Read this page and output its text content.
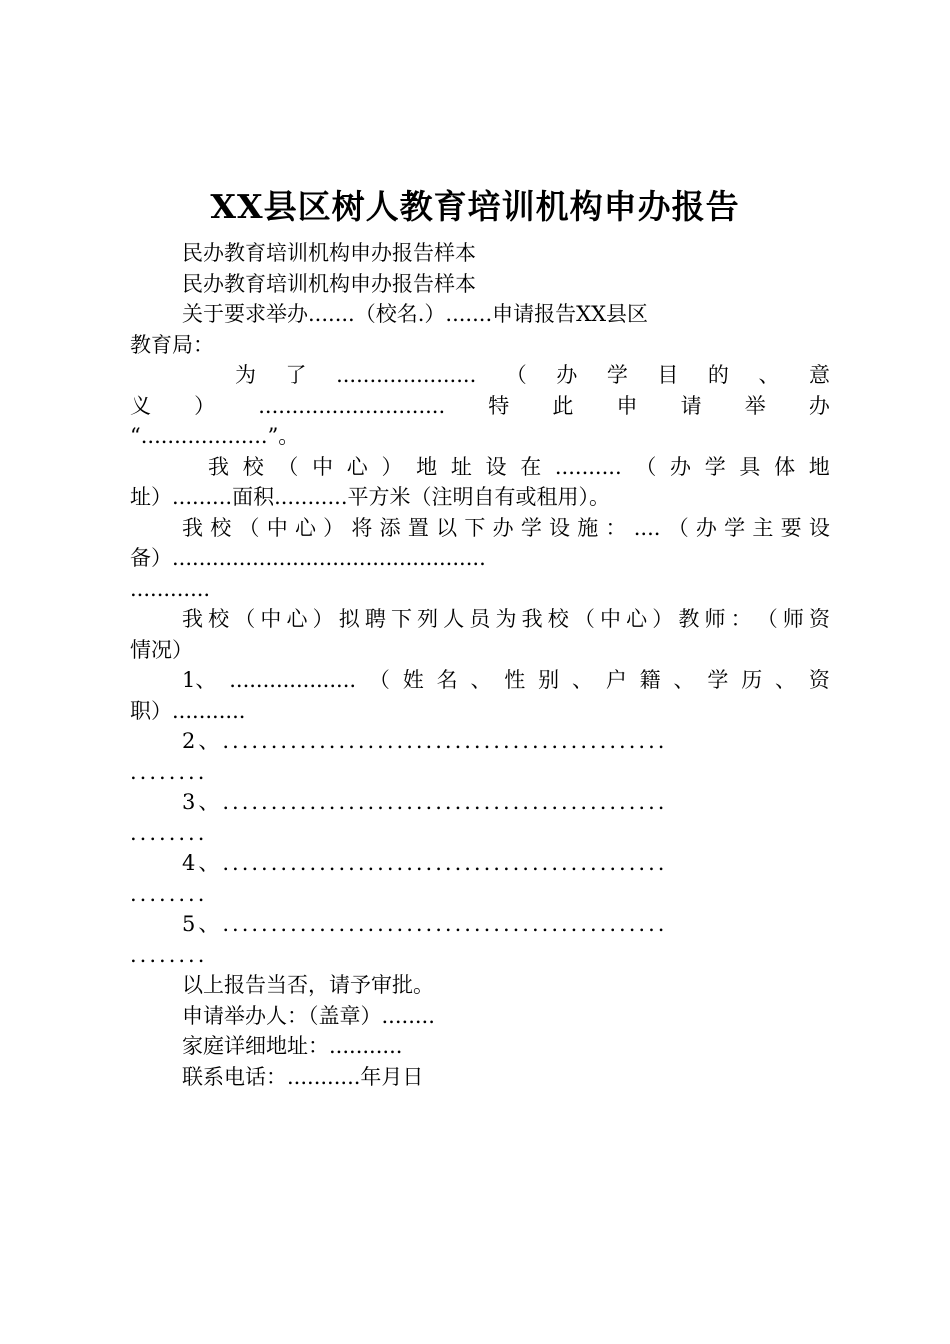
XX县区树人教育培训机构申办报告
民办教育培训机构申办报告样本
民办教育培训机构申办报告样本
关于要求举办.......（校名.）.......申请报告XX县区
教育局：
为 了 ..................... （ 办 学 目 的 、 意
义 ） ............................ 特 此 申 请 举 办
“...................”。
我 校 （ 中 心 ） 地 址 设 在 .......... （ 办 学 具 体 地
址）.........面积...........平方米（注明自有或租用）。
我 校 （ 中 心 ） 将 添 置 以 下 办 学 设 施 ： .... （ 办 学 主 要 设
备）...............................................
............
我 校 （ 中 心 ） 拟 聘 下 列 人 员 为 我 校 （ 中 心 ） 教 师 ： （ 师 资
情况）
1、 ................... （ 姓 名 、 性 别 、 户 籍 、 学 历 、 资
职）...........
2、..............................................
........
3、..............................................
........
4、..............................................
........
5、..............................................
........
以上报告当否，请予审批。
申请举办人：（盖章）........
家庭详细地址：...........
联系电话：...........年月日
